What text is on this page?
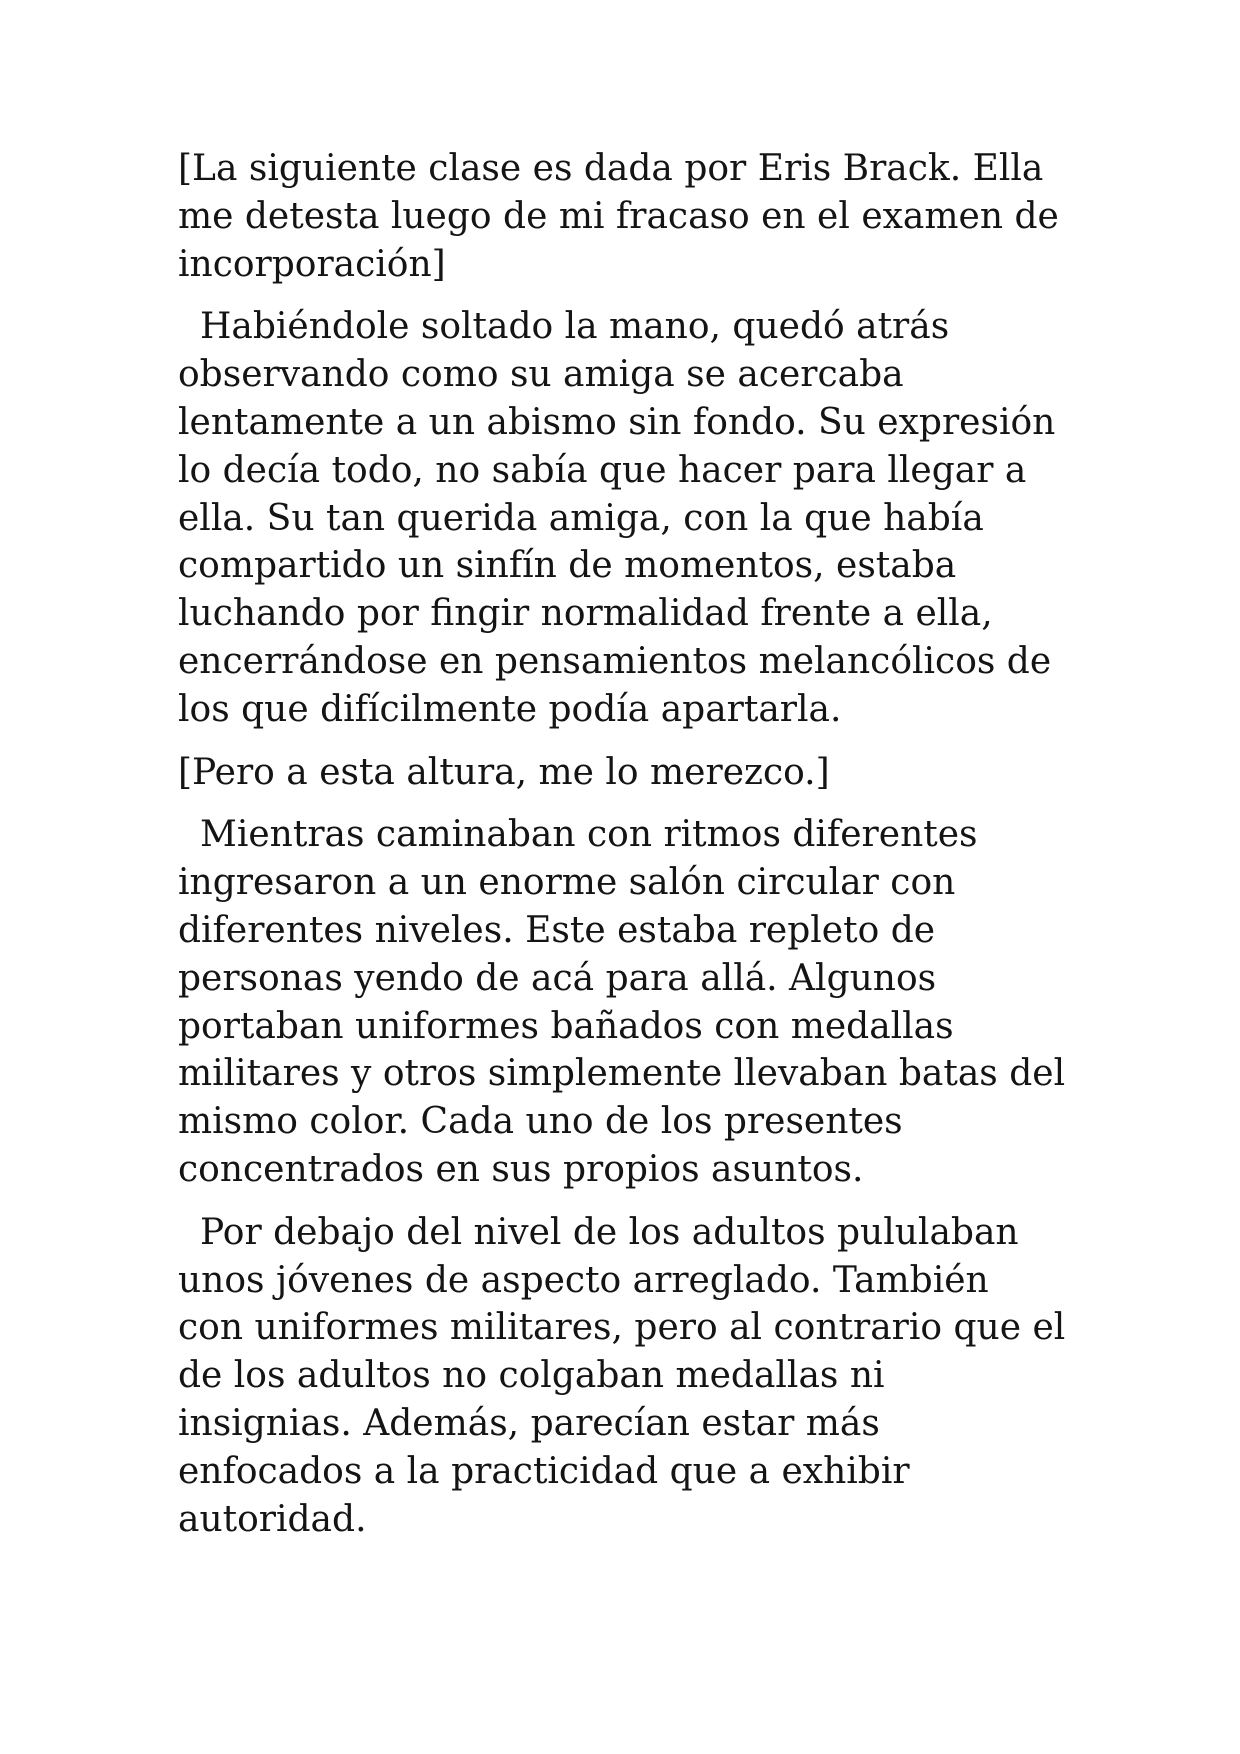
[La siguiente clase es dada por Eris Brack. Ella
me detesta luego de mi fracaso en el examen de
incorporación]

Habiéndole soltado la mano, quedó atrás
observando como su amiga se acercaba
lentamente a un abismo sin fondo. Su expresión
lo decía todo, no sabía que hacer para llegar a
ella. Su tan querida amiga, con la que había
compartido un sinfín de momentos, estaba
luchando por fingir normalidad frente a ella,
encerrándose en pensamientos melancólicos de
los que difícilmente podía apartarla.

[Pero a esta altura, me lo merezco.]

Mientras caminaban con ritmos diferentes
ingresaron a un enorme salón circular con
diferentes niveles. Este estaba repleto de
personas yendo de acá para allá. Algunos
portaban uniformes bañados con medallas
militares y otros simplemente llevaban batas del
mismo color. Cada uno de los presentes
concentrados en sus propios asuntos.

Por debajo del nivel de los adultos pululaban
unos jóvenes de aspecto arreglado. También
con uniformes militares, pero al contrario que el
de los adultos no colgaban medallas ni
insignias. Además, parecían estar más
enfocados a la practicidad que a exhibir
autoridad.
